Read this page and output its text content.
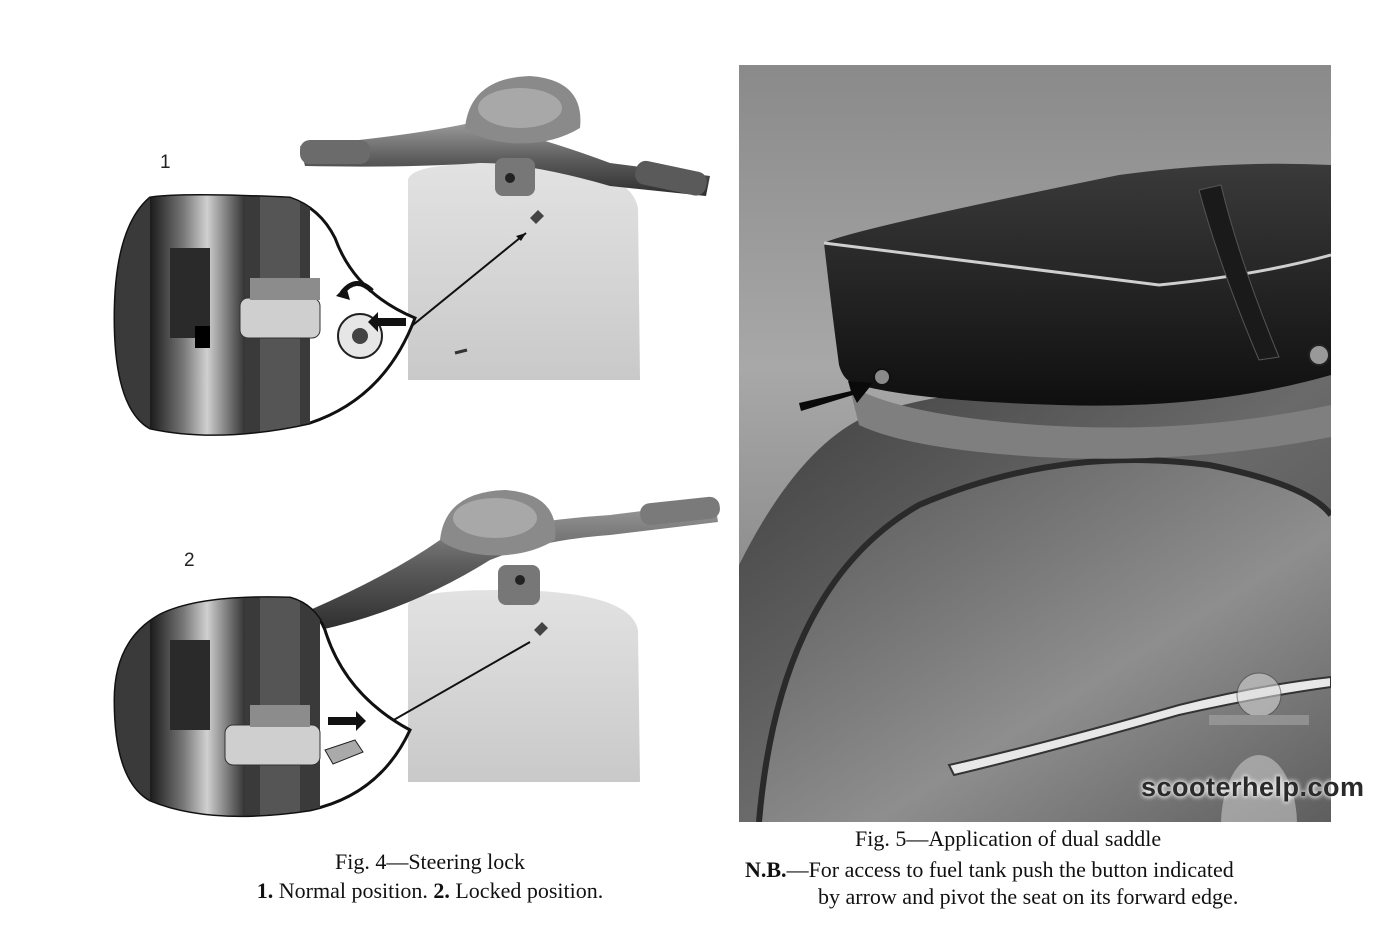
1
2
Fig. 4—Steering lock
1. Normal position. 2. Locked position.
scooterhelp.com
Fig. 5—Application of dual saddle
N.B.—For access to fuel tank push the button indicated
by arrow and pivot the seat on its forward edge.
